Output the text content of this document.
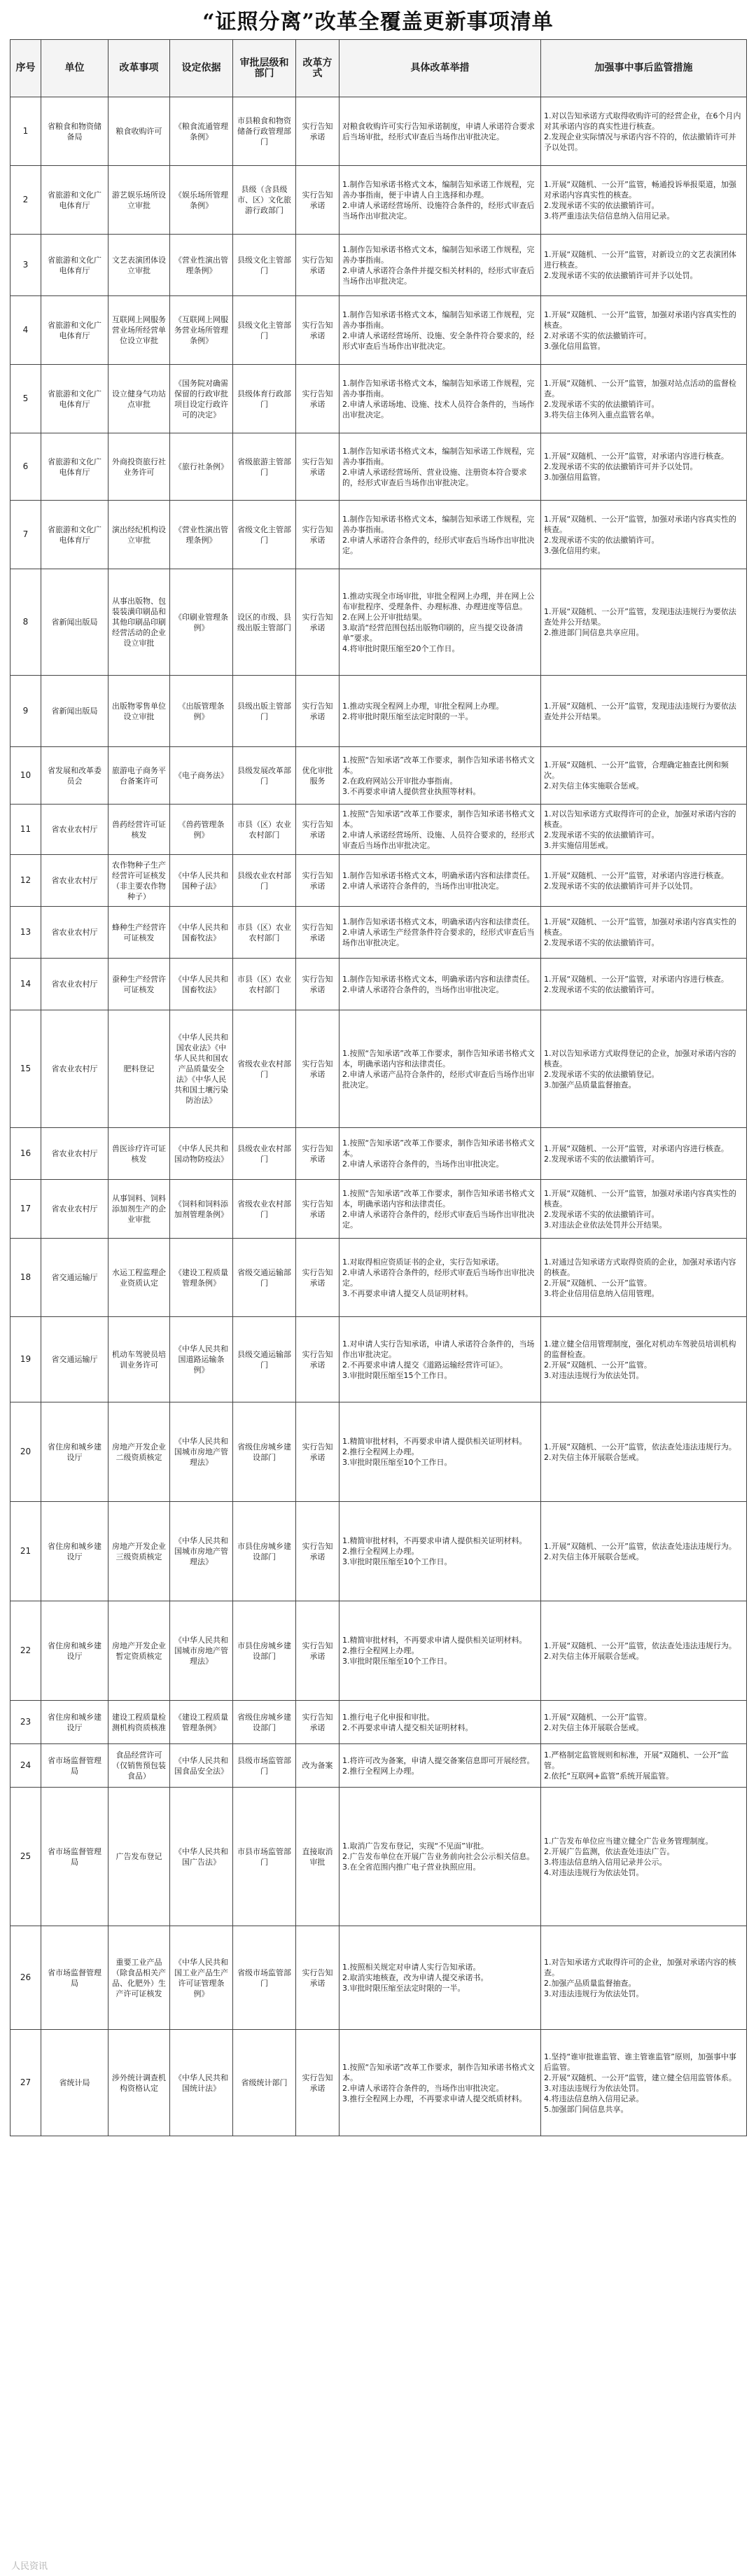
“证照分离”改革全覆盖更新事项清单
序号	单位	改革事项	设定依据	审批层级和部门	改革方式	具体改革举措	加强事中事后监管措施
1	省粮食和物资储备局	粮食收购许可	《粮食流通管理条例》	市县粮食和物资储备行政管理部门	实行告知承诺	对粮食收购许可实行告知承诺制度，申请人承诺符合要求后当场审批，经形式审查后当场作出审批决定。	1.对以告知承诺方式取得收购许可的经营企业，在6个月内对其承诺内容的真实性进行核查。
2.发现企业实际情况与承诺内容不符的，依法撤销许可并予以处罚。

2	省旅游和文化广电体育厅	游艺娱乐场所设立审批	《娱乐场所管理条例》	县级（含县级市、区）文化旅游行政部门	实行告知承诺	1.制作告知承诺书格式文本，编制告知承诺工作规程，完善办事指南，便于申请人自主选择和办理。
2.申请人承诺经营场所、设施符合条件的，经形式审查后当场作出审批决定。	1.开展“双随机、一公开”监管，畅通投诉举报渠道，加强对承诺内容真实性的核查。
2.发现承诺不实的依法撤销许可。
3.将严重违法失信信息纳入信用记录。

3	省旅游和文化广电体育厅	文艺表演团体设立审批	《营业性演出管理条例》	县级文化主管部门	实行告知承诺	1.制作告知承诺书格式文本，编制告知承诺工作规程，完善办事指南。
2.申请人承诺符合条件并提交相关材料的，经形式审查后当场作出审批决定。	1.开展“双随机、一公开”监管，对新设立的文艺表演团体进行核查。
2.发现承诺不实的依法撤销许可并予以处罚。

4	省旅游和文化广电体育厅	互联网上网服务营业场所经营单位设立审批	《互联网上网服务营业场所管理条例》	县级文化主管部门	实行告知承诺	1.制作告知承诺书格式文本，编制告知承诺工作规程，完善办事指南。
2.申请人承诺经营场所、设施、安全条件符合要求的，经形式审查后当场作出审批决定。	1.开展“双随机、一公开”监管，加强对承诺内容真实性的核查。
2.对承诺不实的依法撤销许可。
3.强化信用监管。

5	省旅游和文化广电体育厅	设立健身气功站点审批	《国务院对确需保留的行政审批项目设定行政许可的决定》	县级体育行政部门	实行告知承诺	1.制作告知承诺书格式文本，编制告知承诺工作规程，完善办事指南。
2.申请人承诺场地、设施、技术人员符合条件的，当场作出审批决定。	1.开展“双随机、一公开”监管，加强对站点活动的监督检查。
2.发现承诺不实的依法撤销许可。
3.将失信主体列入重点监管名单。

6	省旅游和文化广电体育厅	外商投资旅行社业务许可	《旅行社条例》	省级旅游主管部门	实行告知承诺	1.制作告知承诺书格式文本，编制告知承诺工作规程，完善办事指南。
2.申请人承诺经营场所、营业设施、注册资本符合要求的，经形式审查后当场作出审批决定。	1.开展“双随机、一公开”监管，对承诺内容进行核查。
2.发现承诺不实的依法撤销许可并予以处罚。
3.加强信用监管。

7	省旅游和文化广电体育厅	演出经纪机构设立审批	《营业性演出管理条例》	省级文化主管部门	实行告知承诺	1.制作告知承诺书格式文本，编制告知承诺工作规程，完善办事指南。
2.申请人承诺符合条件的，经形式审查后当场作出审批决定。	1.开展“双随机、一公开”监管，加强对承诺内容真实性的核查。
2.发现承诺不实的依法撤销许可。
3.强化信用约束。

8	省新闻出版局	从事出版物、包装装潢印刷品和其他印刷品印刷经营活动的企业设立审批	《印刷业管理条例》	设区的市级、县级出版主管部门	实行告知承诺	1.推动实现全市场审批，审批全程网上办理，并在网上公布审批程序、受理条件、办理标准、办理进度等信息。
2.在网上公开审批结果。
3.取消“经营范围包括出版物印刷的，应当提交设备清单”要求。
4.将审批时限压缩至20个工作日。	1.开展“双随机、一公开”监管，发现违法违规行为要依法查处并公开结果。
2.推进部门间信息共享应用。

9	省新闻出版局	出版物零售单位设立审批	《出版管理条例》	县级出版主管部门	实行告知承诺	1.推动实现全程网上办理，审批全程网上办理。
2.将审批时限压缩至法定时限的一半。	1.开展“双随机、一公开”监管，发现违法违规行为要依法查处并公开结果。

10	省发展和改革委员会	旅游电子商务平台备案许可	《电子商务法》	县级发展改革部门	优化审批服务	1.按照“告知承诺”改革工作要求，制作告知承诺书格式文本。
2.在政府网站公开审批办事指南。
3.不再要求申请人提供营业执照等材料。	1.开展“双随机、一公开”监管，合理确定抽查比例和频次。
2.对失信主体实施联合惩戒。

11	省农业农村厅	兽药经营许可证核发	《兽药管理条例》	市县（区）农业农村部门	实行告知承诺	1.按照“告知承诺”改革工作要求，制作告知承诺书格式文本。
2.申请人承诺经营场所、设施、人员符合要求的，经形式审查后当场作出审批决定。	1.对以告知承诺方式取得许可的企业，加强对承诺内容的核查。
2.发现承诺不实的依法撤销许可。
3.并实施信用惩戒。

12	省农业农村厅	农作物种子生产经营许可证核发（非主要农作物种子）	《中华人民共和国种子法》	县级农业农村部门	实行告知承诺	1.制作告知承诺书格式文本，明确承诺内容和法律责任。
2.申请人承诺符合条件的，当场作出审批决定。	1.开展“双随机、一公开”监管，对承诺内容进行核查。
2.发现承诺不实的依法撤销许可并予以处罚。

13	省农业农村厅	蜂种生产经营许可证核发	《中华人民共和国畜牧法》	市县（区）农业农村部门	实行告知承诺	1.制作告知承诺书格式文本，明确承诺内容和法律责任。
2.申请人承诺生产经营条件符合要求的，经形式审查后当场作出审批决定。	1.开展“双随机、一公开”监管，加强对承诺内容真实性的核查。
2.发现承诺不实的依法撤销许可。

14	省农业农村厅	蚕种生产经营许可证核发	《中华人民共和国畜牧法》	市县（区）农业农村部门	实行告知承诺	1.制作告知承诺书格式文本，明确承诺内容和法律责任。
2.申请人承诺符合条件的，当场作出审批决定。	1.开展“双随机、一公开”监管，对承诺内容进行核查。
2.发现承诺不实的依法撤销许可。

15	省农业农村厅	肥料登记	《中华人民共和国农业法》《中华人民共和国农产品质量安全法》《中华人民共和国土壤污染防治法》	省级农业农村部门	实行告知承诺	1.按照“告知承诺”改革工作要求，制作告知承诺书格式文本，明确承诺内容和法律责任。
2.申请人承诺产品符合条件的，经形式审查后当场作出审批决定。	1.对以告知承诺方式取得登记的企业，加强对承诺内容的核查。
2.发现承诺不实的依法撤销登记。
3.加强产品质量监督抽查。

16	省农业农村厅	兽医诊疗许可证核发	《中华人民共和国动物防疫法》	县级农业农村部门	实行告知承诺	1.按照“告知承诺”改革工作要求，制作告知承诺书格式文本。
2.申请人承诺符合条件的，当场作出审批决定。	1.开展“双随机、一公开”监管，对承诺内容进行核查。
2.发现承诺不实的依法撤销许可。

17	省农业农村厅	从事饲料、饲料添加剂生产的企业审批	《饲料和饲料添加剂管理条例》	省级农业农村部门	实行告知承诺	1.按照“告知承诺”改革工作要求，制作告知承诺书格式文本，明确承诺内容和法律责任。
2.申请人承诺符合条件的，经形式审查后当场作出审批决定。	1.开展“双随机、一公开”监管，加强对承诺内容真实性的核查。
2.发现承诺不实的依法撤销许可。
3.对违法企业依法处罚并公开结果。

18	省交通运输厅	水运工程监理企业资质认定	《建设工程质量管理条例》	省级交通运输部门	实行告知承诺	1.对取得相应资质证书的企业，实行告知承诺。
2.申请人承诺符合条件的，经形式审查后当场作出审批决定。
3.不再要求申请人提交人员证明材料。	1.对通过告知承诺方式取得资质的企业，加强对承诺内容的核查。
2.开展“双随机、一公开”监管。
3.将企业信用信息纳入信用管理。

19	省交通运输厅	机动车驾驶员培训业务许可	《中华人民共和国道路运输条例》	县级交通运输部门	实行告知承诺	1.对申请人实行告知承诺，申请人承诺符合条件的，当场作出审批决定。
2.不再要求申请人提交《道路运输经营许可证》。
3.审批时限压缩至15个工作日。	1.建立健全信用管理制度，强化对机动车驾驶员培训机构的监督检查。
2.开展“双随机、一公开”监管。
3.对违法违规行为依法处罚。

20	省住房和城乡建设厅	房地产开发企业二级资质核定	《中华人民共和国城市房地产管理法》	省级住房城乡建设部门	实行告知承诺	1.精简审批材料，不再要求申请人提供相关证明材料。
2.推行全程网上办理。
3.审批时限压缩至10个工作日。	1.开展“双随机、一公开”监管，依法查处违法违规行为。
2.对失信主体开展联合惩戒。

21	省住房和城乡建设厅	房地产开发企业三级资质核定	《中华人民共和国城市房地产管理法》	市县住房城乡建设部门	实行告知承诺	1.精简审批材料，不再要求申请人提供相关证明材料。
2.推行全程网上办理。
3.审批时限压缩至10个工作日。	1.开展“双随机、一公开”监管，依法查处违法违规行为。
2.对失信主体开展联合惩戒。

22	省住房和城乡建设厅	房地产开发企业暂定资质核定	《中华人民共和国城市房地产管理法》	市县住房城乡建设部门	实行告知承诺	1.精简审批材料，不再要求申请人提供相关证明材料。
2.推行全程网上办理。
3.审批时限压缩至10个工作日。	1.开展“双随机、一公开”监管，依法查处违法违规行为。
2.对失信主体开展联合惩戒。

23	省住房和城乡建设厅	建设工程质量检测机构资质核准	《建设工程质量管理条例》	省级住房城乡建设部门	实行告知承诺	1.推行电子化申报和审批。
2.不再要求申请人提交相关证明材料。	1.开展“双随机、一公开”监管。
2.对失信主体开展联合惩戒。

24	省市场监督管理局	食品经营许可（仅销售预包装食品）	《中华人民共和国食品安全法》	县级市场监管部门	改为备案	1.将许可改为备案，申请人提交备案信息即可开展经营。
2.推行全程网上办理。	1.严格制定监管规则和标准，开展“双随机、一公开”监管。
2.依托“互联网+监管”系统开展监管。

25	省市场监督管理局	广告发布登记	《中华人民共和国广告法》	市县市场监管部门	直接取消审批	1.取消广告发布登记，实现“不见面”审批。
2.广告发布单位在开展广告业务前向社会公示相关信息。
3.在全省范围内推广电子营业执照应用。	1.广告发布单位应当建立健全广告业务管理制度。
2.开展广告监测，依法查处违法广告。
3.将违法信息纳入信用记录并公示。
4.对违法违规行为依法处罚。

26	省市场监督管理局	重要工业产品（除食品相关产品、化肥外）生产许可证核发	《中华人民共和国工业产品生产许可证管理条例》	省级市场监管部门	实行告知承诺	1.按照相关规定对申请人实行告知承诺。
2.取消实地核查，改为申请人提交承诺书。
3.审批时限压缩至法定时限的一半。	1.对告知承诺方式取得许可的企业，加强对承诺内容的核查。
2.加强产品质量监督抽查。
3.对违法违规行为依法处罚。

27	省统计局	涉外统计调查机构资格认定	《中华人民共和国统计法》	省级统计部门	实行告知承诺	1.按照“告知承诺”改革工作要求，制作告知承诺书格式文本。
2.申请人承诺符合条件的，当场作出审批决定。
3.推行全程网上办理，不再要求申请人提交纸质材料。	1.坚持“谁审批谁监管、谁主管谁监管”原则，加强事中事后监管。
2.开展“双随机、一公开”监管，建立健全信用监管体系。
3.对违法违规行为依法处罚。
4.将违法信息纳入信用记录。
5.加强部门间信息共享。
人民资讯
